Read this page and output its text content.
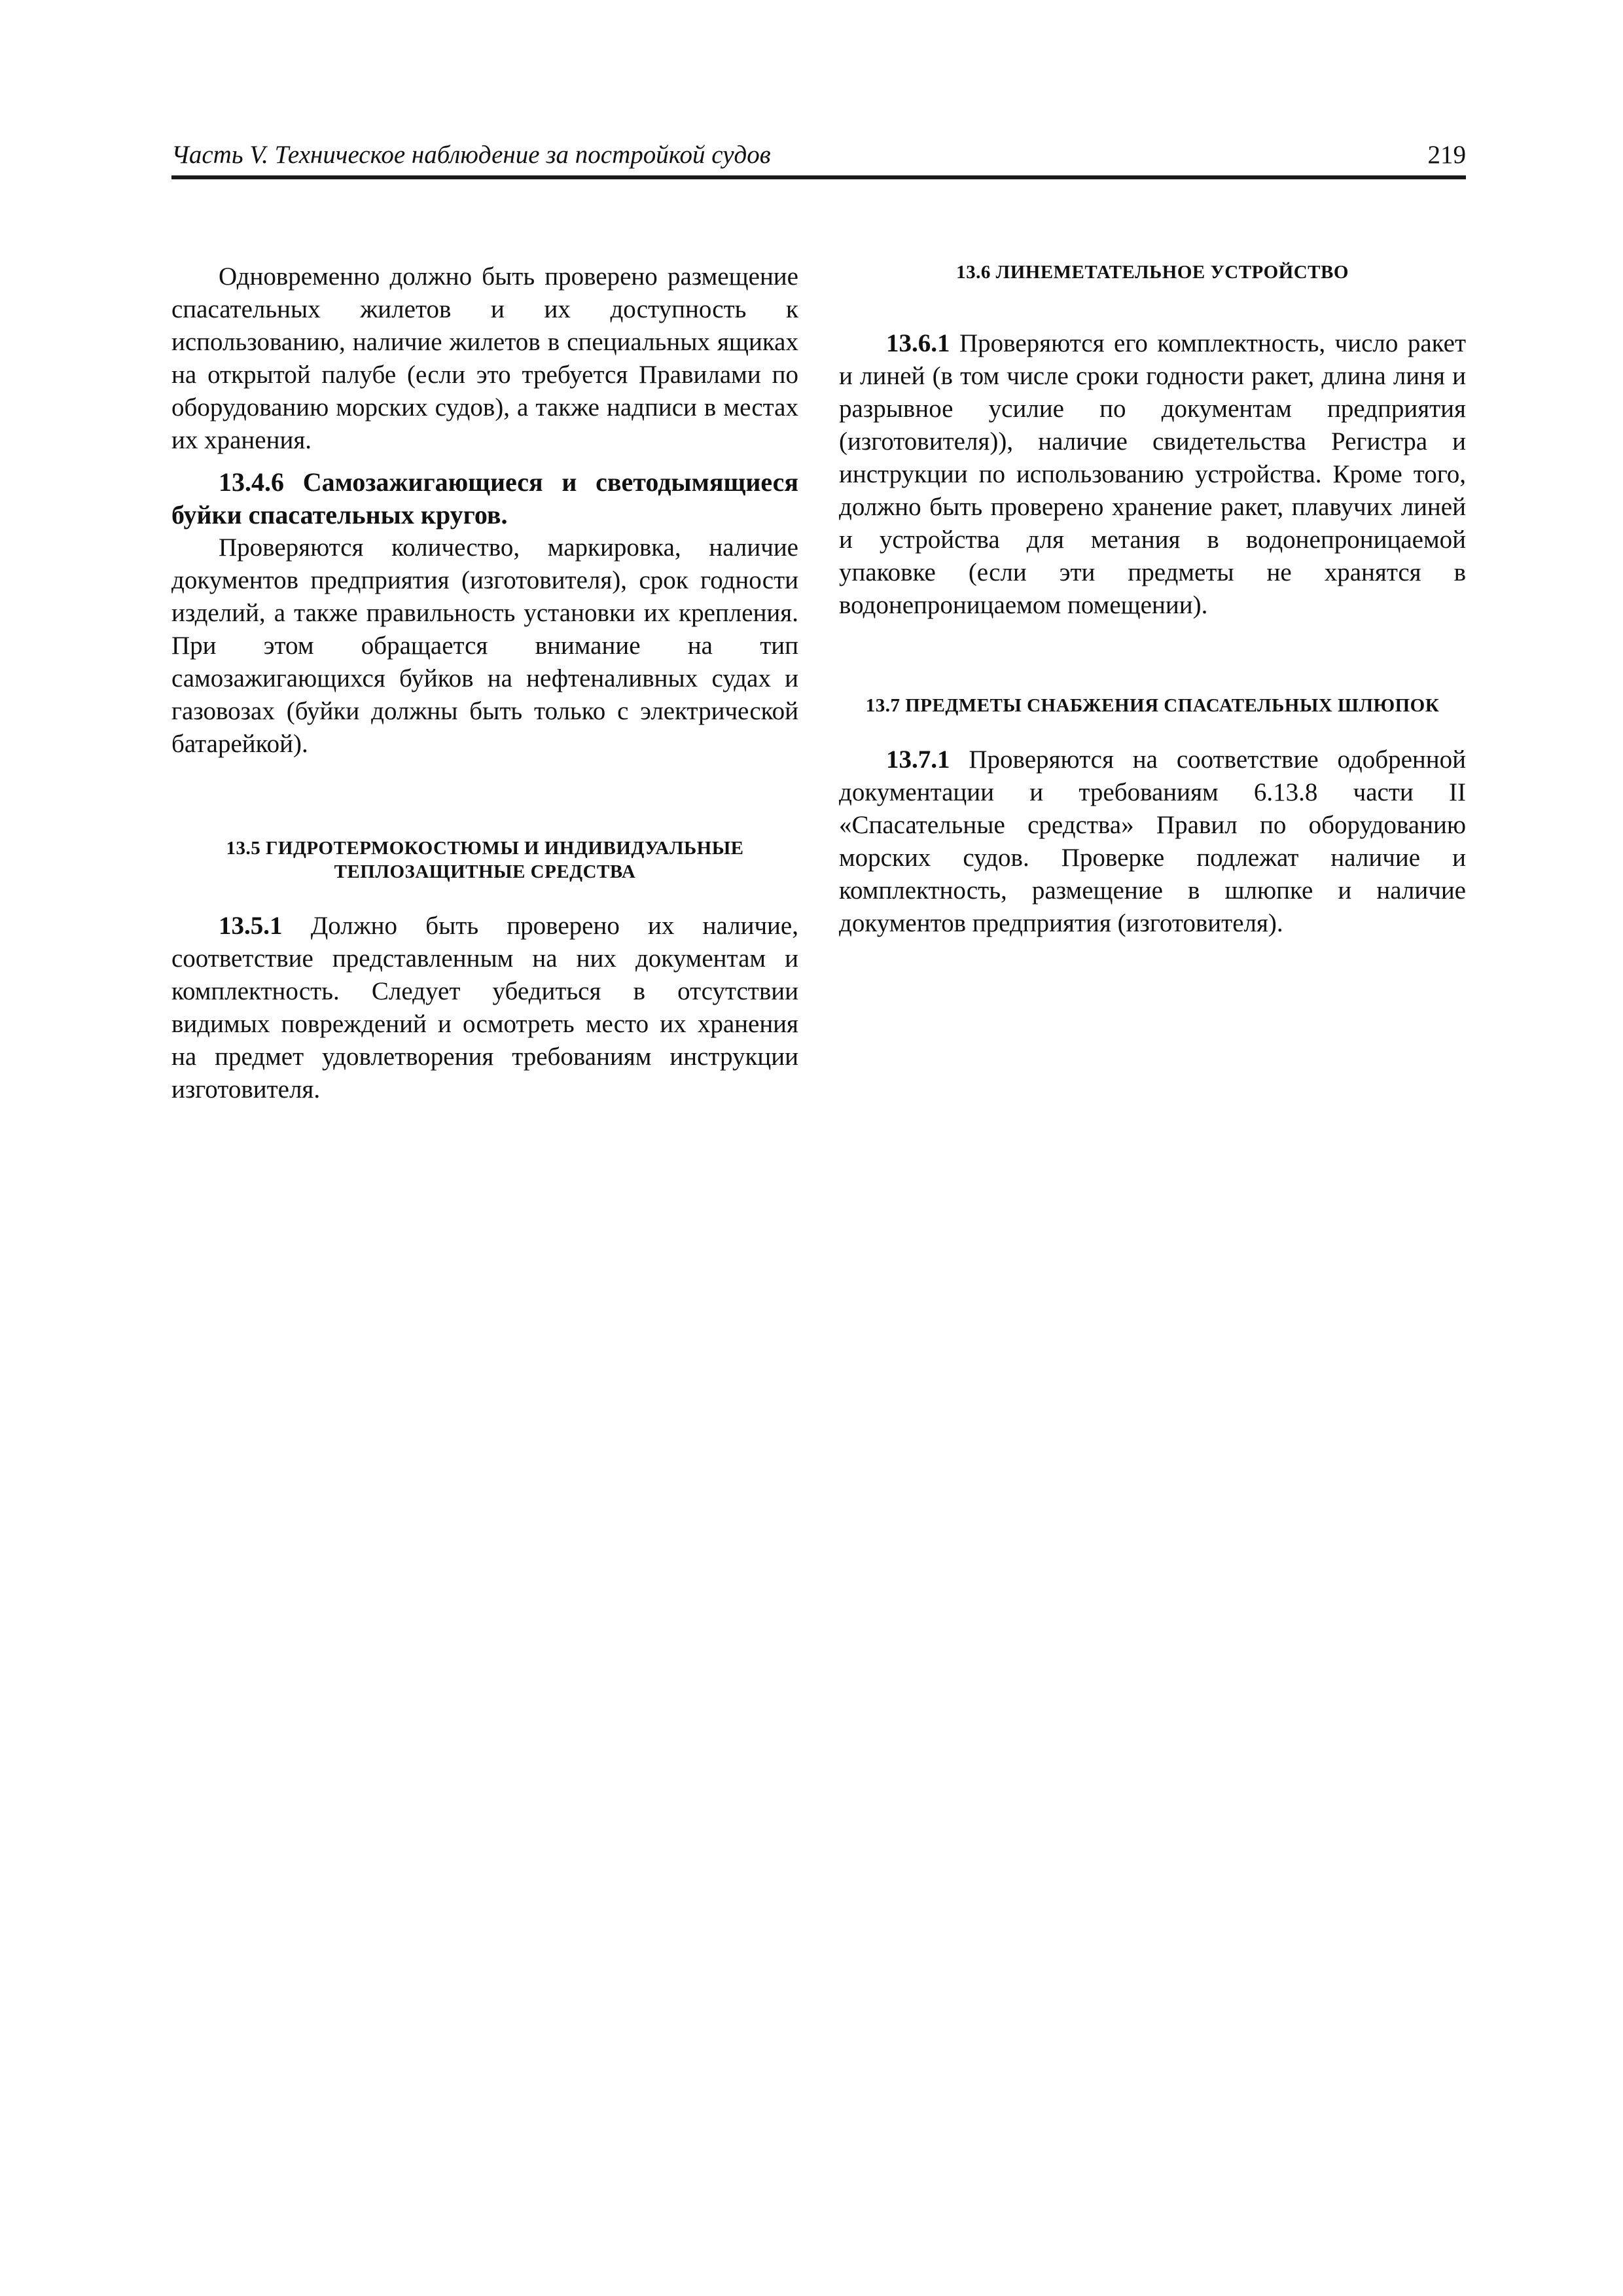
Часть V. Техническое наблюдение за постройкой судов	219

Одновременно должно быть проверено размещение спасательных жилетов и их доступность к использованию, наличие жилетов в специальных ящиках на открытой палубе (если это требуется Правилами по оборудованию морских судов), а также надписи в местах их хранения.

13.4.6 Самозажигающиеся и светодымящиеся буйки спасательных кругов.

Проверяются количество, маркировка, наличие документов предприятия (изготовителя), срок годности изделий, а также правильность установки их крепления. При этом обращается внимание на тип самозажигающихся буйков на нефтеналивных судах и газовозах (буйки должны быть только с электрической батарейкой).

13.5 ГИДРОТЕРМОКОСТЮМЫ И ИНДИВИДУАЛЬНЫЕ ТЕПЛОЗАЩИТНЫЕ СРЕДСТВА

13.5.1 Должно быть проверено их наличие, соответствие представленным на них документам и комплектность. Следует убедиться в отсутствии видимых повреждений и осмотреть место их хранения на предмет удовлетворения требованиям инструкции изготовителя.

13.6 ЛИНЕМЕТАТЕЛЬНОЕ УСТРОЙСТВО

13.6.1 Проверяются его комплектность, число ракет и линей (в том числе сроки годности ракет, длина линя и разрывное усилие по документам предприятия (изготовителя)), наличие свидетельства Регистра и инструкции по использованию устройства. Кроме того, должно быть проверено хранение ракет, плавучих линей и устройства для метания в водонепроницаемой упаковке (если эти предметы не хранятся в водонепроницаемом помещении).

13.7 ПРЕДМЕТЫ СНАБЖЕНИЯ СПАСАТЕЛЬНЫХ ШЛЮПОК

13.7.1 Проверяются на соответствие одобренной документации и требованиям 6.13.8 части II «Спасательные средства» Правил по оборудованию морских судов. Проверке подлежат наличие и комплектность, размещение в шлюпке и наличие документов предприятия (изготовителя).
